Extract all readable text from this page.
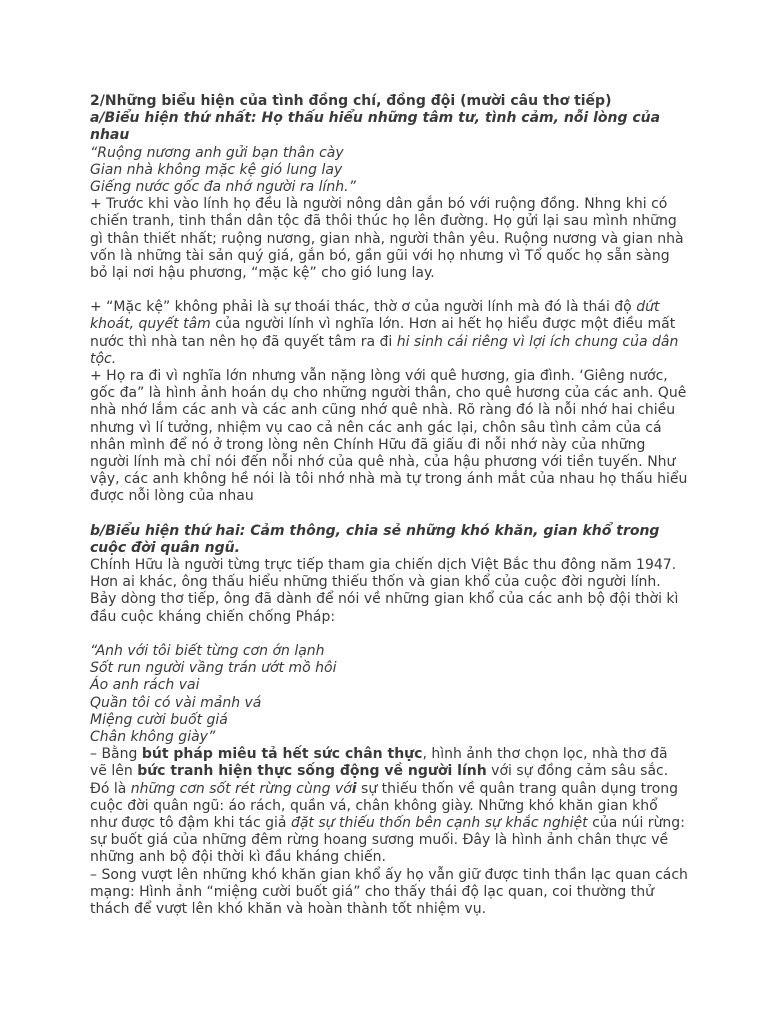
2/Những biểu hiện của tình đồng chí, đồng đội (mười câu thơ tiếp)

a/Biểu hiện thứ nhất: Họ thấu hiểu những tâm tư, tình cảm, nỗi lòng của nhau

“Ruộng nương anh gửi bạn thân cày

Gian nhà không mặc kệ gió lung lay

Giếng nước gốc đa nhớ người ra lính.”

+ Trước khi vào lính họ đều là người nông dân gắn bó với ruộng đồng. Nhng khi có chiến tranh, tinh thần dân tộc đã thôi thúc họ lên đường. Họ gửi lại sau mình những gì thân thiết nhất; ruộng nương, gian nhà, người thân yêu. Ruộng nương và gian nhà vốn là những tài sản quý giá, gắn bó, gần gũi với họ nhưng vì Tổ quốc họ sẵn sàng bỏ lại nơi hậu phương, “mặc kệ” cho gió lung lay.

+ “Mặc kệ” không phải là sự thoái thác, thờ ơ của người lính mà đó là thái độ dứt khoát, quyết tâm của người lính vì nghĩa lớn. Hơn ai hết họ hiểu được một điều mất nước thì nhà tan nên họ đã quyết tâm ra đi hi sinh cái riêng vì lợi ích chung của dân tộc.

+ Họ ra đi vì nghĩa lớn nhưng vẫn nặng lòng với quê hương, gia đình. ‘Giêng nước, gốc đa” là hình ảnh hoán dụ cho những người thân, cho quê hương của các anh. Quê nhà nhớ lắm các anh và các anh cũng nhớ quê nhà. Rõ ràng đó là nỗi nhớ hai chiều nhưng vì lí tưởng, nhiệm vụ cao cả nên các anh gác lại, chôn sâu tình cảm của cá nhân mình để nó ở trong lòng nên Chính Hữu đã giấu đi nỗi nhớ này của những người lính mà chỉ nói đến nỗi nhớ của quê nhà, của hậu phương với tiền tuyến. Như vậy, các anh không hề nói là tôi nhớ nhà mà tự trong ánh mắt của nhau họ thấu hiểu được nỗi lòng của nhau

b/Biểu hiện thứ hai: Cảm thông, chia sẻ những khó khăn, gian khổ trong cuộc đời quân ngũ.

Chính Hữu là người từng trực tiếp tham gia chiến dịch Việt Bắc thu đông năm 1947. Hơn ai khác, ông thấu hiểu những thiếu thốn và gian khổ của cuộc đời người lính. Bảy dòng thơ tiếp, ông đã dành để nói về những gian khổ của các anh bộ đội thời kì đầu cuộc kháng chiến chống Pháp:

“Anh với tôi biết từng cơn ớn lạnh

Sốt run người vầng trán ướt mồ hôi

Áo anh rách vai

Quần tôi có vài mảnh vá

Miệng cười buốt giá

Chân không giày”

– Bằng bút pháp miêu tả hết sức chân thực, hình ảnh thơ chọn lọc, nhà thơ đã vẽ lên bức tranh hiện thực sống động về người lính với sự đồng cảm sâu sắc. Đó là những cơn sốt rét rừng cùng với sự thiếu thốn về quân trang quân dụng trong cuộc đời quân ngũ: áo rách, quần vá, chân không giày. Những khó khăn gian khổ như được tô đậm khi tác giả đặt sự thiếu thốn bên cạnh sự khắc nghiệt của núi rừng: sự buốt giá của những đêm rừng hoang sương muối. Đây là hình ảnh chân thực về những anh bộ đội thời kì đầu kháng chiến.

– Song vượt lên những khó khăn gian khổ ấy họ vẫn giữ được tinh thần lạc quan cách mạng: Hình ảnh “miệng cười buốt giá” cho thấy thái độ lạc quan, coi thường thử thách để vượt lên khó khăn và hoàn thành tốt nhiệm vụ.
